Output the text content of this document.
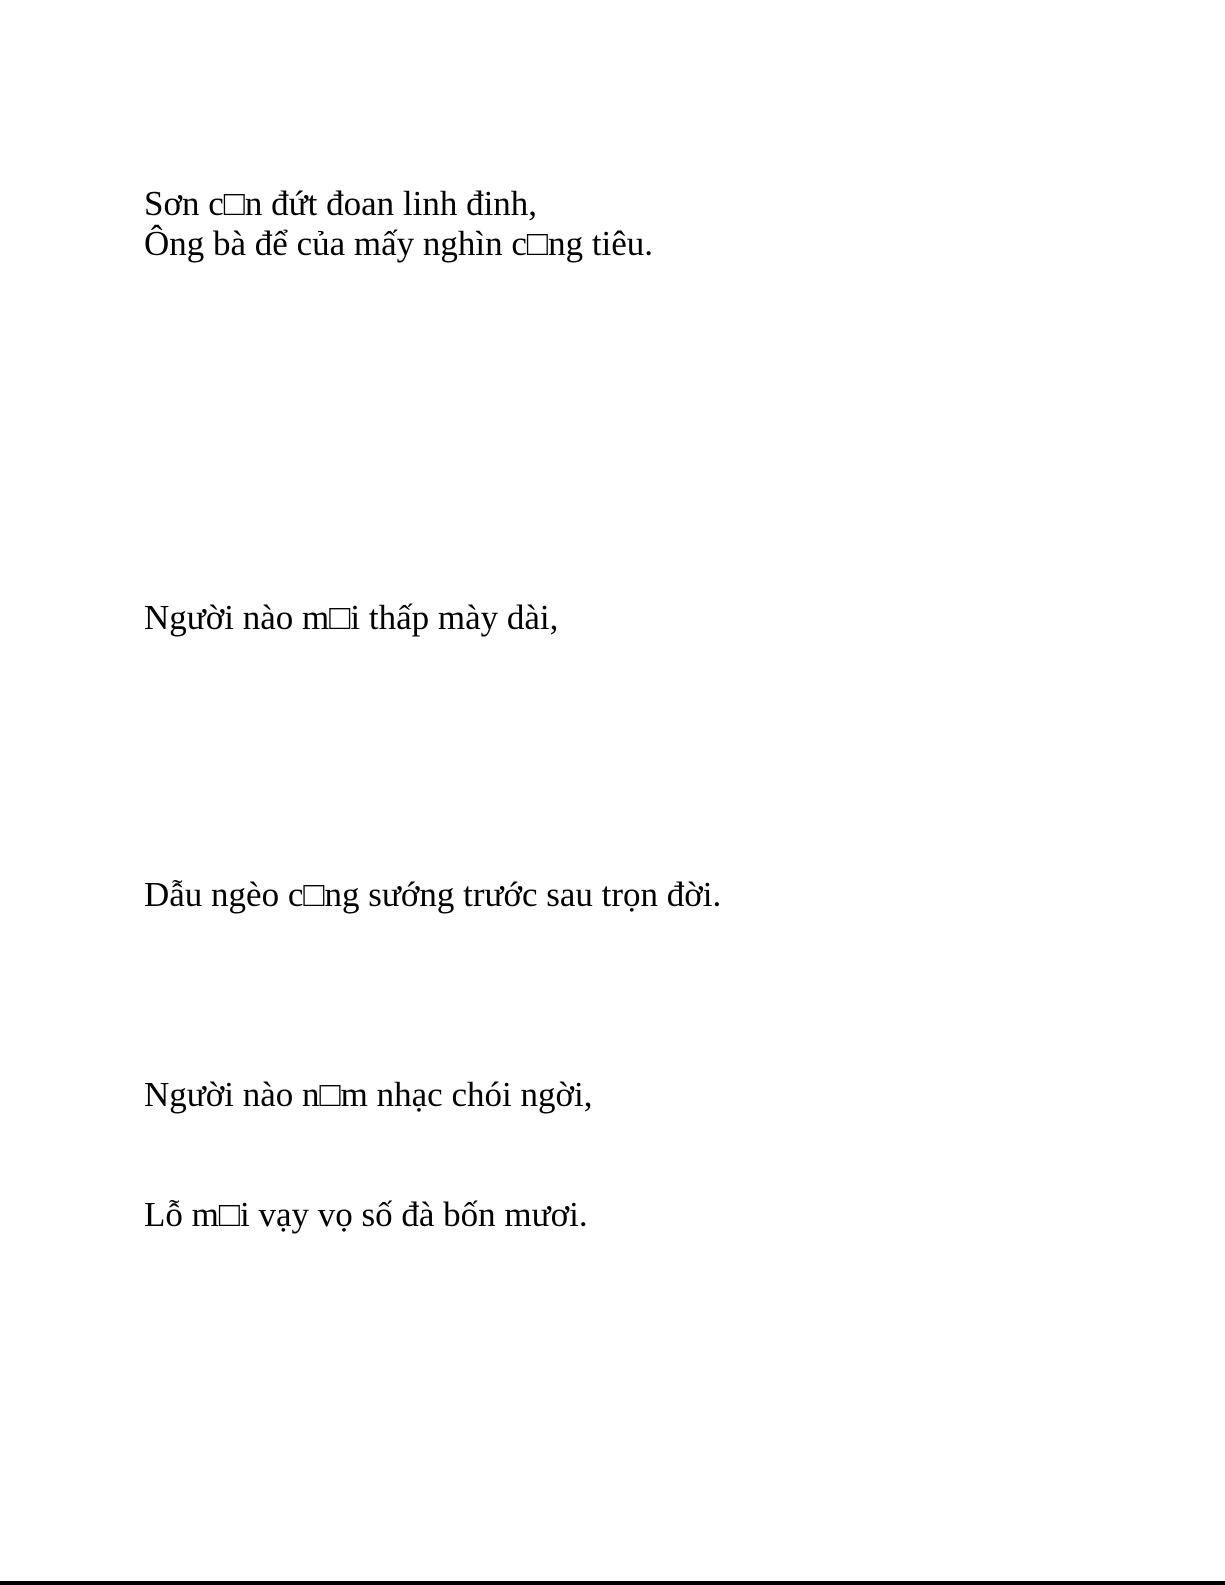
Sơn c□n đứt đoan linh đinh,

Ông bà để của mấy nghìn c□ng tiêu.

Người nào m□i thấp mày dài,

Dẫu ngèo c□ng sướng trước sau trọn đời.

Người nào n□m nhạc chói ngời,

Lỗ m□i vạy vọ số đà bốn mươi.
